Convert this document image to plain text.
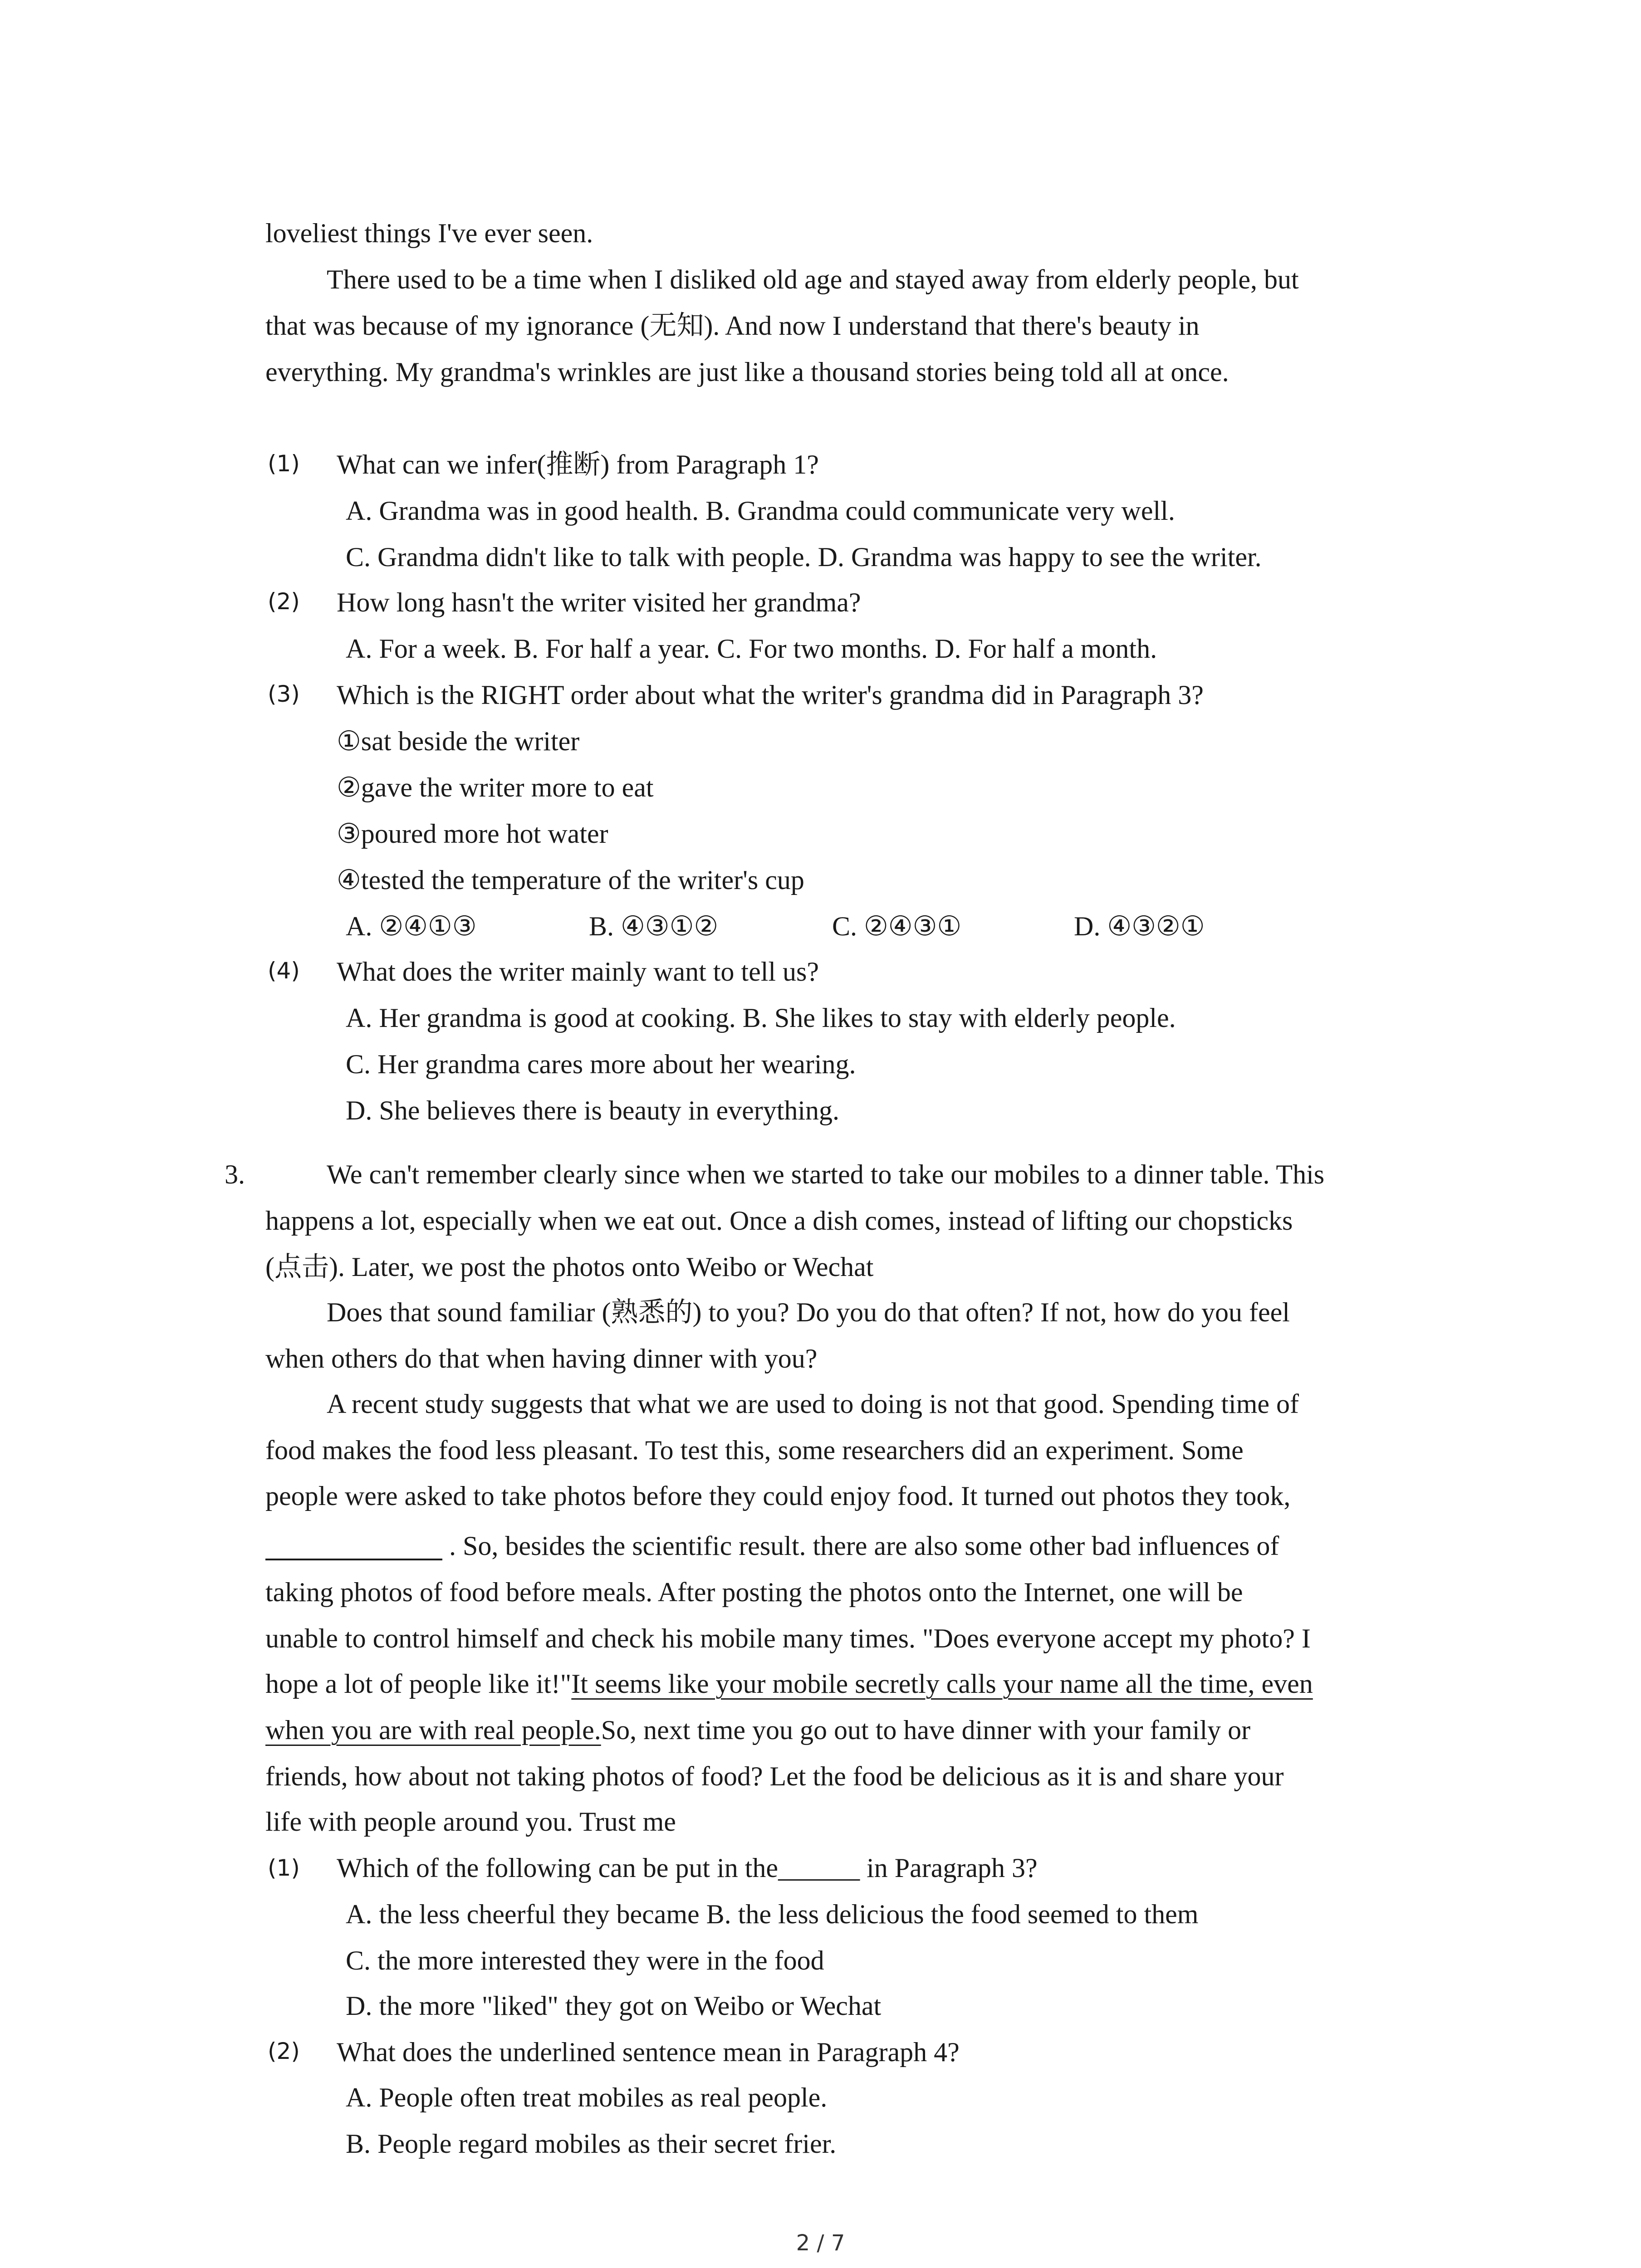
loveliest things I've ever seen.
There used to be a time when I disliked old age and stayed away from elderly people, but
that was because of my ignorance (无知). And now I understand that there's beauty in
everything. My grandma's wrinkles are just like a thousand stories being told all at once.
(1) What can we infer(推断) from Paragraph 1?
A. Grandma was in good health. B. Grandma could communicate very well.
C. Grandma didn't like to talk with people. D. Grandma was happy to see the writer.
(2) How long hasn't the writer visited her grandma?
A. For a week. B. For half a year. C. For two months. D. For half a month.
(3) Which is the RIGHT order about what the writer's grandma did in Paragraph 3?
①sat beside the writer
②gave the writer more to eat
③poured more hot water
④tested the temperature of the writer's cup
A. ②④①③	B. ④③①②	C. ②④③①	D. ④③②①
(4) What does the writer mainly want to tell us?
A. Her grandma is good at cooking. B. She likes to stay with elderly people.
C. Her grandma cares more about her wearing.
D. She believes there is beauty in everything.
3.	We can't remember clearly since when we started to take our mobiles to a dinner table. This
happens a lot, especially when we eat out. Once a dish comes, instead of lifting our chopsticks
(点击). Later, we post the photos onto Weibo or Wechat
Does that sound familiar (熟悉的) to you? Do you do that often? If not, how do you feel
when others do that when having dinner with you?
A recent study suggests that what we are used to doing is not that good. Spending time of
food makes the food less pleasant. To test this, some researchers did an experiment. Some
people were asked to take photos before they could enjoy food. It turned out photos they took,
. So, besides the scientific result. there are also some other bad influences of
taking photos of food before meals. After posting the photos onto the Internet, one will be
unable to control himself and check his mobile many times. "Does everyone accept my photo? I
hope a lot of people like it!"It seems like your mobile secretly calls your name all the time, even
when you are with real people.So, next time you go out to have dinner with your family or
friends, how about not taking photos of food? Let the food be delicious as it is and share your
life with people around you. Trust me
(1) Which of the following can be put in the______ in Paragraph 3?
A. the less cheerful they became B. the less delicious the food seemed to them
C. the more interested they were in the food
D. the more "liked" they got on Weibo or Wechat
(2) What does the underlined sentence mean in Paragraph 4?
A. People often treat mobiles as real people.
B. People regard mobiles as their secret frier.
2 / 7
